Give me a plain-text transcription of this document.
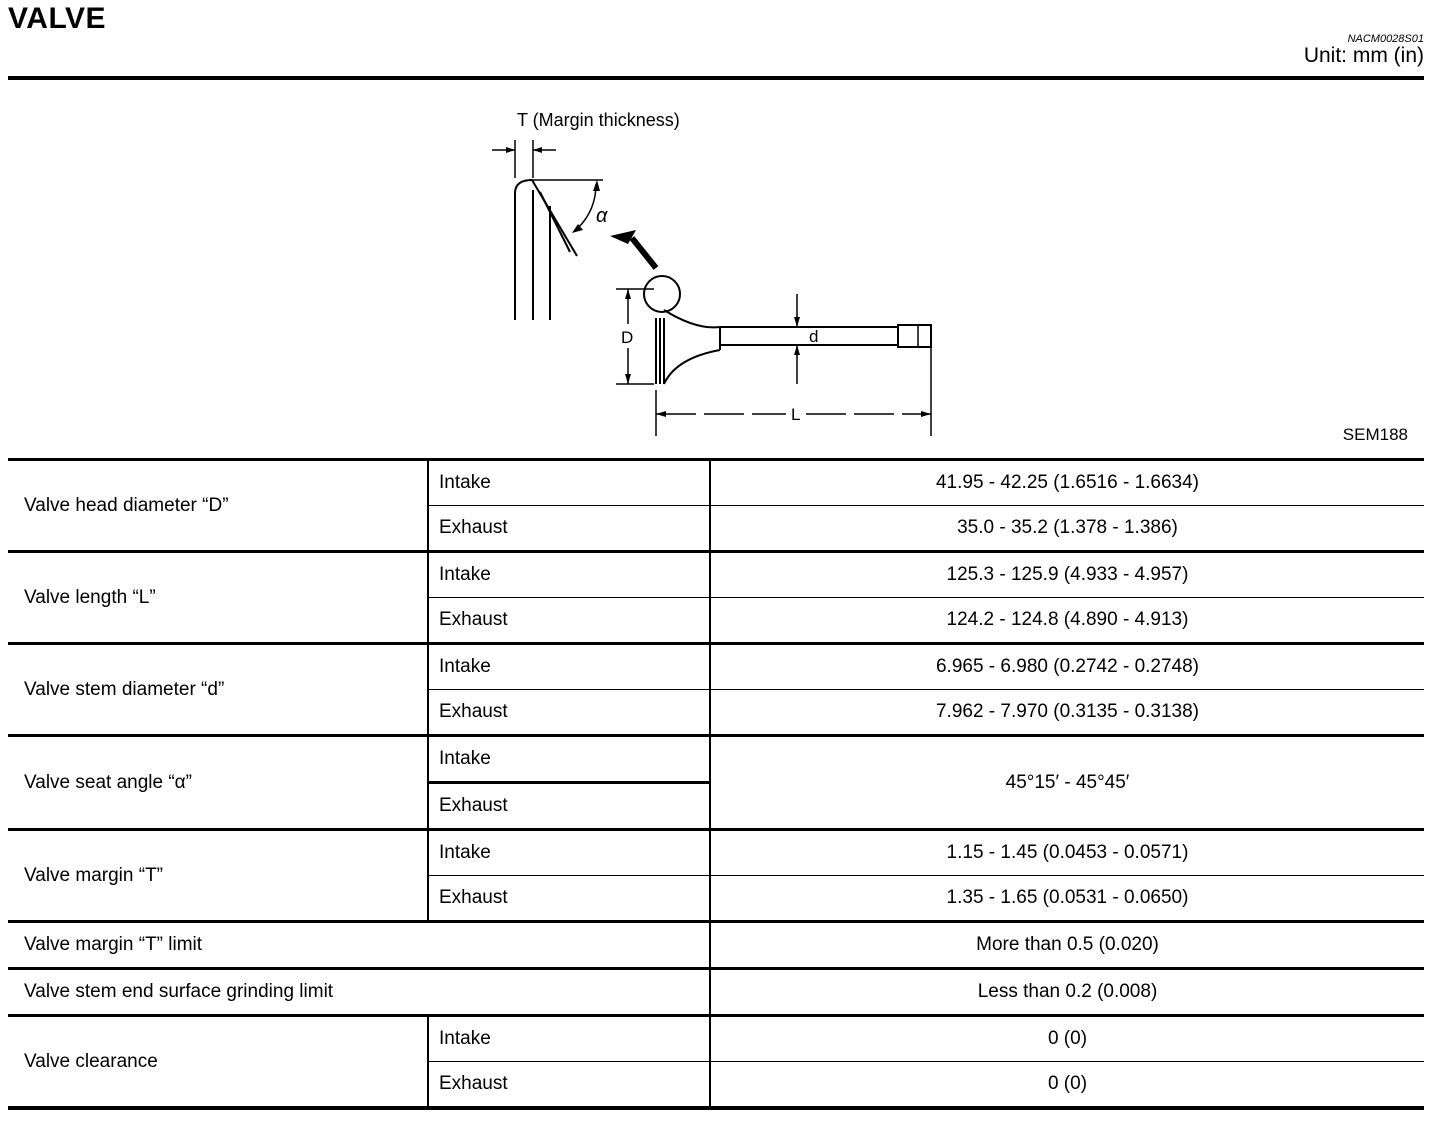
VALVE
NACM0028S01
Unit: mm (in)
T (Margin thickness)
α
D	d
L
SEM188
Valve head diameter “D”	Intake	41.95 - 42.25 (1.6516 - 1.6634)
	Exhaust	35.0 - 35.2 (1.378 - 1.386)
Valve length “L”	Intake	125.3 - 125.9 (4.933 - 4.957)
	Exhaust	124.2 - 124.8 (4.890 - 4.913)
Valve stem diameter “d”	Intake	6.965 - 6.980 (0.2742 - 0.2748)
	Exhaust	7.962 - 7.970 (0.3135 - 0.3138)
Valve seat angle “α”	Intake	45°15′ - 45°45′
	Exhaust	
Valve margin “T”	Intake	1.15 - 1.45 (0.0453 - 0.0571)
	Exhaust	1.35 - 1.65 (0.0531 - 0.0650)
Valve margin “T” limit		More than 0.5 (0.020)
Valve stem end surface grinding limit		Less than 0.2 (0.008)
Valve clearance	Intake	0 (0)
	Exhaust	0 (0)
